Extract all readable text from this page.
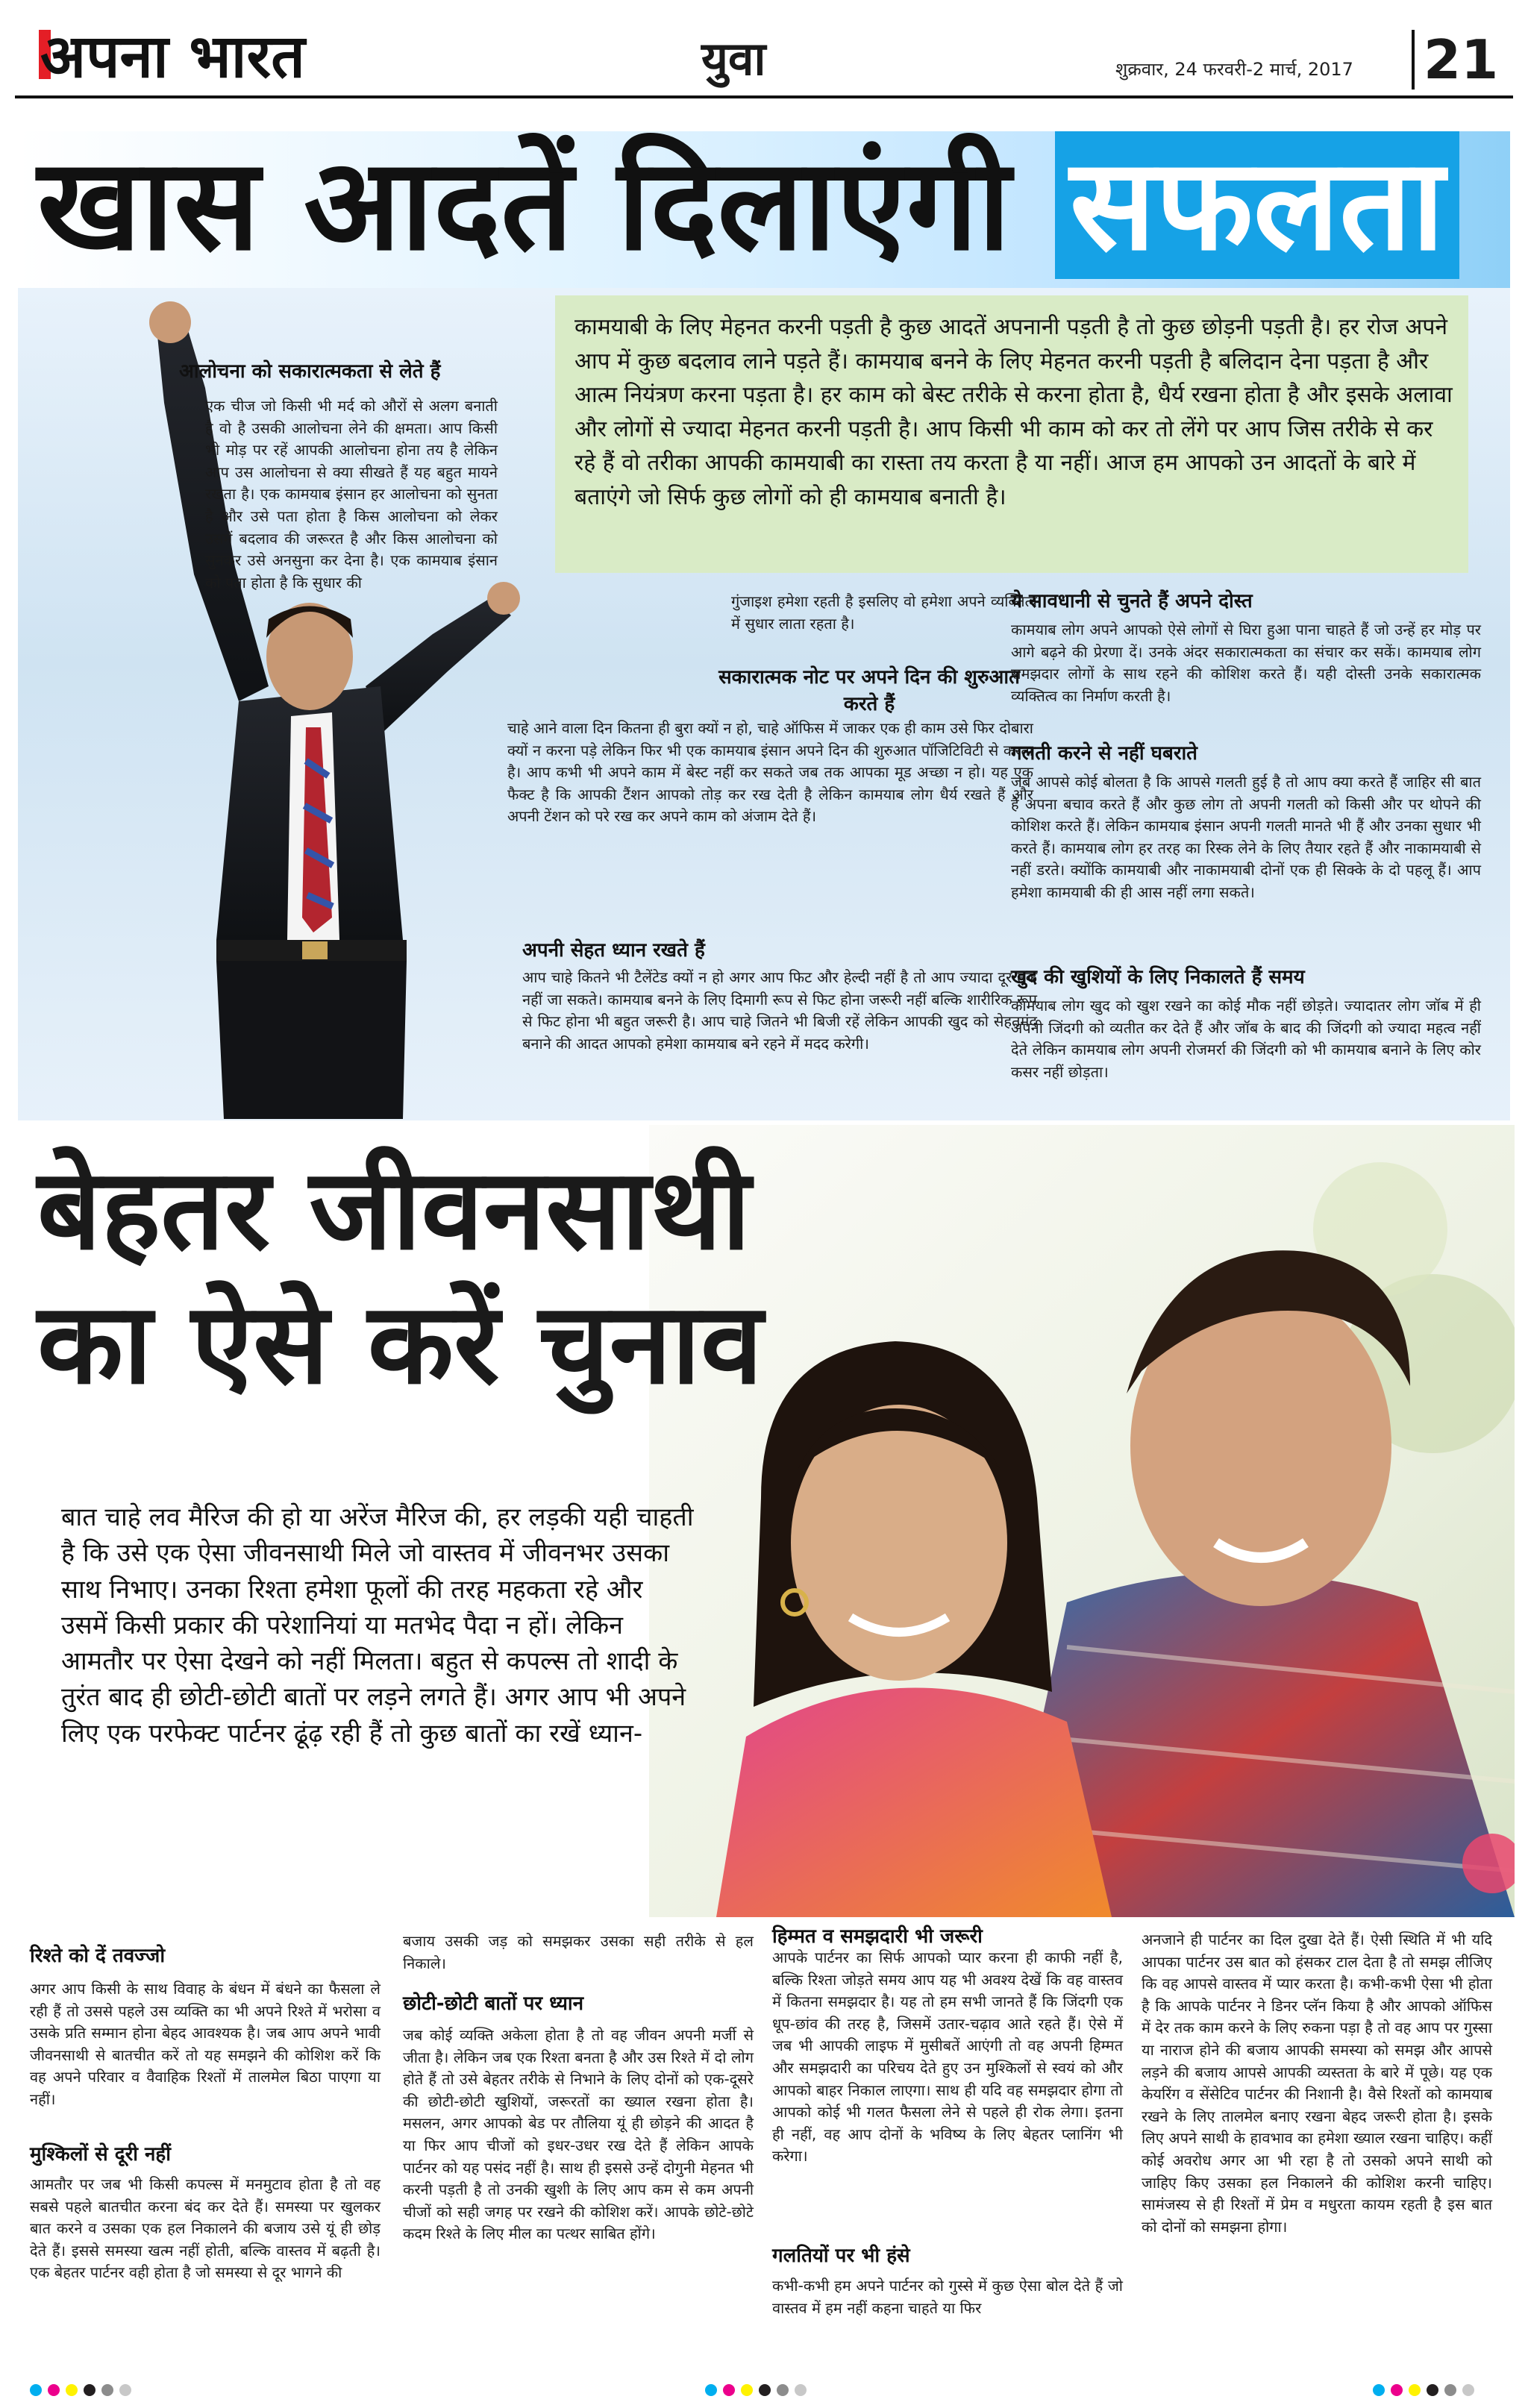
अपना भारत	युवा	शुक्रवार, 24 फरवरी-2 मार्च, 2017 21
खास आदतें दिलाएंगी सफलता
कामयाबी के लिए मेहनत करनी पड़ती है कुछ आदतें अपनानी पड़ती है तो कुछ छोड़नी पड़ती है। हर रोज अपने आप में कुछ बदलाव लाने पड़ते हैं। कामयाब बनने के लिए मेहनत करनी पड़ती है बलिदान देना पड़ता है और आत्म नियंत्रण करना पड़ता है। हर काम को बेस्ट तरीके से करना होता है, धैर्य रखना होता है और इसके अलावा और लोगों से ज्यादा मेहनत करनी पड़ती है। आप किसी भी काम को कर तो लेंगे पर आप जिस तरीके से कर रहे हैं वो तरीका आपकी कामयाबी का रास्ता तय करता है या नहीं। आज हम आपको उन आदतों के बारे में बताएंगे जो सिर्फ कुछ लोगों को ही कामयाब बनाती है।
आलोचना को सकारात्मकता से लेते हैं
एक चीज जो किसी भी मर्द को औरों से अलग बनाती है वो है उसकी आलोचना लेने की क्षमता। आप किसी भी मोड़ पर रहें आपकी आलोचना होना तय है लेकिन आप उस आलोचना से क्या सीखते हैं यह बहुत मायने रखता है। एक कामयाब इंसान हर आलोचना को सुनता है और उसे पता होता है किस आलोचना को लेकर उसमें बदलाव की जरूरत है और किस आलोचना को सुनकर उसे अनसुना कर देना है। एक कामयाब इंसान को पता होता है कि सुधार की
गुंजाइश हमेशा रहती है इसलिए वो हमेशा अपने व्यक्तित्व में सुधार लाता रहता है।
सकारात्मक नोट पर अपने दिन की शुरुआत करते हैं
चाहे आने वाला दिन कितना ही बुरा क्यों न हो, चाहे ऑफिस में जाकर एक ही काम उसे फिर दोबारा क्यों न करना पड़े लेकिन फिर भी एक कामयाब इंसान अपने दिन की शुरुआत पॉजिटिविटी से करता है। आप कभी भी अपने काम में बेस्ट नहीं कर सकते जब तक आपका मूड अच्छा न हो। यह एक फैक्ट है कि आपकी टैंशन आपको तोड़ कर रख देती है लेकिन कामयाब लोग धैर्य रखते हैं और अपनी टेंशन को परे रख कर अपने काम को अंजाम देते हैं।
अपनी सेहत ध्यान रखते हैं
आप चाहे कितने भी टैलेंटेड क्यों न हो अगर आप फिट और हेल्दी नहीं है तो आप ज्यादा दूर तक नहीं जा सकते। कामयाब बनने के लिए दिमागी रूप से फिट होना जरूरी नहीं बल्कि शारीरिक रूप से फिट होना भी बहुत जरूरी है। आप चाहे जितने भी बिजी रहें लेकिन आपकी खुद को सेहतमंद बनाने की आदत आपको हमेशा कामयाब बने रहने में मदद करेगी।
ये सावधानी से चुनते हैं अपने दोस्त
कामयाब लोग अपने आपको ऐसे लोगों से घिरा हुआ पाना चाहते हैं जो उन्हें हर मोड़ पर आगे बढ़ने की प्रेरणा दें। उनके अंदर सकारात्मकता का संचार कर सकें। कामयाब लोग समझदार लोगों के साथ रहने की कोशिश करते हैं। यही दोस्ती उनके सकारात्मक व्यक्तित्व का निर्माण करती है।
गलती करने से नहीं घबराते
जब आपसे कोई बोलता है कि आपसे गलती हुई है तो आप क्या करते हैं जाहिर सी बात है अपना बचाव करते हैं और कुछ लोग तो अपनी गलती को किसी और पर थोपने की कोशिश करते हैं। लेकिन कामयाब इंसान अपनी गलती मानते भी हैं और उनका सुधार भी करते हैं। कामयाब लोग हर तरह का रिस्क लेने के लिए तैयार रहते हैं और नाकामयाबी से नहीं डरते। क्योंकि कामयाबी और नाकामयाबी दोनों एक ही सिक्के के दो पहलू हैं। आप हमेशा कामयाबी की ही आस नहीं लगा सकते।
खुद की खुशियों के लिए निकालते हैं समय
कामयाब लोग खुद को खुश रखने का कोई मौक नहीं छोड़ते। ज्यादातर लोग जॉब में ही अपनी जिंदगी को व्यतीत कर देते हैं और जॉब के बाद की जिंदगी को ज्यादा महत्व नहीं देते लेकिन कामयाब लोग अपनी रोजमर्रा की जिंदगी को भी कामयाब बनाने के लिए कोर कसर नहीं छोड़ता।
बेहतर जीवनसाथी
का ऐसे करें चुनाव
बात चाहे लव मैरिज की हो या अरेंज मैरिज की, हर लड़की यही चाहती है कि उसे एक ऐसा जीवनसाथी मिले जो वास्तव में जीवनभर उसका साथ निभाए। उनका रिश्ता हमेशा फूलों की तरह महकता रहे और उसमें किसी प्रकार की परेशानियां या मतभेद पैदा न हों। लेकिन आमतौर पर ऐसा देखने को नहीं मिलता। बहुत से कपल्स तो शादी के तुरंत बाद ही छोटी-छोटी बातों पर लड़ने लगते हैं। अगर आप भी अपने लिए एक परफेक्ट पार्टनर ढूंढ़ रही हैं तो कुछ बातों का रखें ध्यान-
रिश्ते को दें तवज्जो
अगर आप किसी के साथ विवाह के बंधन में बंधने का फैसला ले रही हैं तो उससे पहले उस व्यक्ति का भी अपने रिश्ते में भरोसा व उसके प्रति सम्मान होना बेहद आवश्यक है। जब आप अपने भावी जीवनसाथी से बातचीत करें तो यह समझने की कोशिश करें कि वह अपने परिवार व वैवाहिक रिश्तों में तालमेल बिठा पाएगा या नहीं।
मुश्किलों से दूरी नहीं
आमतौर पर जब भी किसी कपल्स में मनमुटाव होता है तो वह सबसे पहले बातचीत करना बंद कर देते हैं। समस्या पर खुलकर बात करने व उसका एक हल निकालने की बजाय उसे यूं ही छोड़ देते हैं। इससे समस्या खत्म नहीं होती, बल्कि वास्तव में बढ़ती है। एक बेहतर पार्टनर वही होता है जो समस्या से दूर भागने की
बजाय उसकी जड़ को समझकर उसका सही तरीके से हल निकाले।
छोटी-छोटी बातों पर ध्यान
जब कोई व्यक्ति अकेला होता है तो वह जीवन अपनी मर्जी से जीता है। लेकिन जब एक रिश्ता बनता है और उस रिश्ते में दो लोग होते हैं तो उसे बेहतर तरीके से निभाने के लिए दोनों को एक-दूसरे की छोटी-छोटी खुशियों, जरूरतों का ख्याल रखना होता है। मसलन, अगर आपको बेड पर तौलिया यूं ही छोड़ने की आदत है या फिर आप चीजों को इधर-उधर रख देते हैं लेकिन आपके पार्टनर को यह पसंद नहीं है। साथ ही इससे उन्हें दोगुनी मेहनत भी करनी पड़ती है तो उनकी खुशी के लिए आप कम से कम अपनी चीजों को सही जगह पर रखने की कोशिश करें। आपके छोटे-छोटे कदम रिश्ते के लिए मील का पत्थर साबित होंगे।
हिम्मत व समझदारी भी जरूरी
आपके पार्टनर का सिर्फ आपको प्यार करना ही काफी नहीं है, बल्कि रिश्ता जोड़ते समय आप यह भी अवश्य देखें कि वह वास्तव में कितना समझदार है। यह तो हम सभी जानते हैं कि जिंदगी एक धूप-छांव की तरह है, जिसमें उतार-चढ़ाव आते रहते हैं। ऐसे में जब भी आपकी लाइफ में मुसीबतें आएंगी तो वह अपनी हिम्मत और समझदारी का परिचय देते हुए उन मुश्किलों से स्वयं को और आपको बाहर निकाल लाएगा। साथ ही यदि वह समझदार होगा तो आपको कोई भी गलत फैसला लेने से पहले ही रोक लेगा। इतना ही नहीं, वह आप दोनों के भविष्य के लिए बेहतर प्लानिंग भी करेगा।
गलतियों पर भी हंसे
कभी-कभी हम अपने पार्टनर को गुस्से में कुछ ऐसा बोल देते हैं जो वास्तव में हम नहीं कहना चाहते या फिर
अनजाने ही पार्टनर का दिल दुखा देते हैं। ऐसी स्थिति में भी यदि आपका पार्टनर उस बात को हंसकर टाल देता है तो समझ लीजिए कि वह आपसे वास्तव में प्यार करता है। कभी-कभी ऐसा भी होता है कि आपके पार्टनर ने डिनर प्लॅन किया है और आपको ऑफिस में देर तक काम करने के लिए रुकना पड़ा है तो वह आप पर गुस्सा या नाराज होने की बजाय आपकी समस्या को समझ और आपसे लड़ने की बजाय आपसे आपकी व्यस्तता के बारे में पूछे। यह एक केयरिंग व सेंसेटिव पार्टनर की निशानी है। वैसे रिश्तों को कामयाब रखने के लिए तालमेल बनाए रखना बेहद जरूरी होता है। इसके लिए अपने साथी के हावभाव का हमेशा ख्याल रखना चाहिए। कहीं कोई अवरोध अगर आ भी रहा है तो उसको अपने साथी को जाहिए किए उसका हल निकालने की कोशिश करनी चाहिए। सामंजस्य से ही रिश्तों में प्रेम व मधुरता कायम रहती है इस बात को दोनों को समझना होगा।
